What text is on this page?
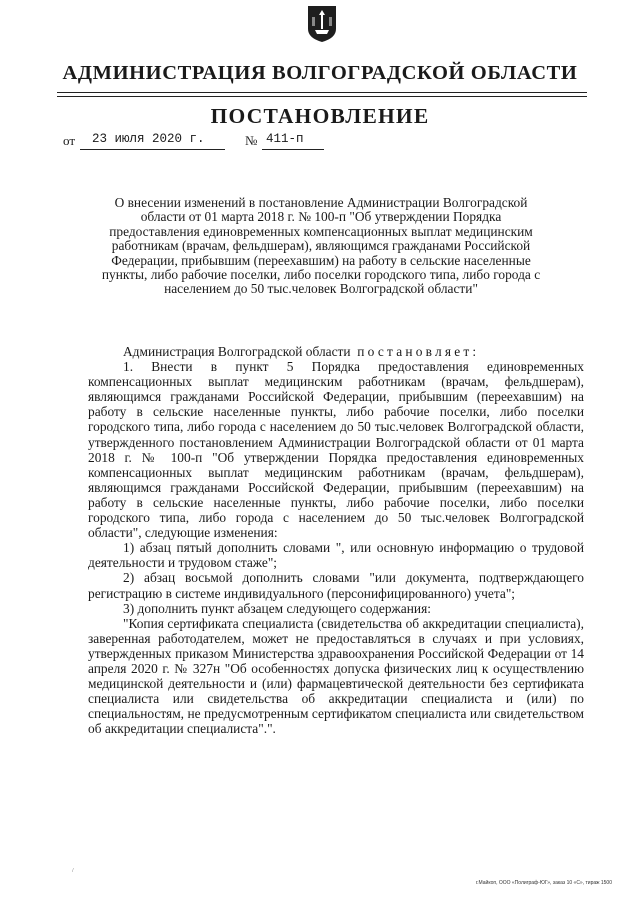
АДМИНИСТРАЦИЯ ВОЛГОГРАДСКОЙ ОБЛАСТИ
ПОСТАНОВЛЕНИЕ
от 23 июля 2020 г.	№ 411-п
О внесении изменений в постановление Администрации Волгоградской области от 01 марта 2018 г. № 100-п "Об утверждении Порядка предоставления единовременных компенсационных выплат медицинским работникам (врачам, фельдшерам), являющимся гражданами Российской Федерации, прибывшим (переехавшим) на работу в сельские населенные пункты, либо рабочие поселки, либо поселки городского типа, либо города с населением до 50 тыс.человек Волгоградской области"

Администрация Волгоградской области постановляет:

1. Внести в пункт 5 Порядка предоставления единовременных компенсационных выплат медицинским работникам (врачам, фельдшерам), являющимся гражданами Российской Федерации, прибывшим (переехавшим) на работу в сельские населенные пункты, либо рабочие поселки, либо поселки городского типа, либо города с населением до 50 тыс.человек Волгоградской области, утвержденного постановлением Администрации Волгоградской области от 01 марта 2018 г. № 100-п "Об утверждении Порядка предоставления единовременных компенсационных выплат медицинским работникам (врачам, фельдшерам), являющимся гражданами Российской Федерации, прибывшим (переехавшим) на работу в сельские населенные пункты, либо рабочие поселки, либо поселки городского типа, либо города с населением до 50 тыс.человек Волгоградской области", следующие изменения:

1) абзац пятый дополнить словами ", или основную информацию о трудовой деятельности и трудовом стаже";

2) абзац восьмой дополнить словами "или документа, подтверждающего регистрацию в системе индивидуального (персонифицированного) учета";

3) дополнить пункт абзацем следующего содержания:

"Копия сертификата специалиста (свидетельства об аккредитации специалиста), заверенная работодателем, может не предоставляться в случаях и при условиях, утвержденных приказом Министерства здравоохранения Российской Федерации от 14 апреля 2020 г. № 327н "Об особенностях допуска физических лиц к осуществлению медицинской деятельности и (или) фармацевтической деятельности без сертификата специалиста или свидетельства об аккредитации специалиста и (или) по специальностям, не предусмотренным сертификатом специалиста или свидетельством об аккредитации специалиста".".

/
г.Майкоп, ООО «Полиграф-ЮГ», заказ 10 «С», тираж 1500
